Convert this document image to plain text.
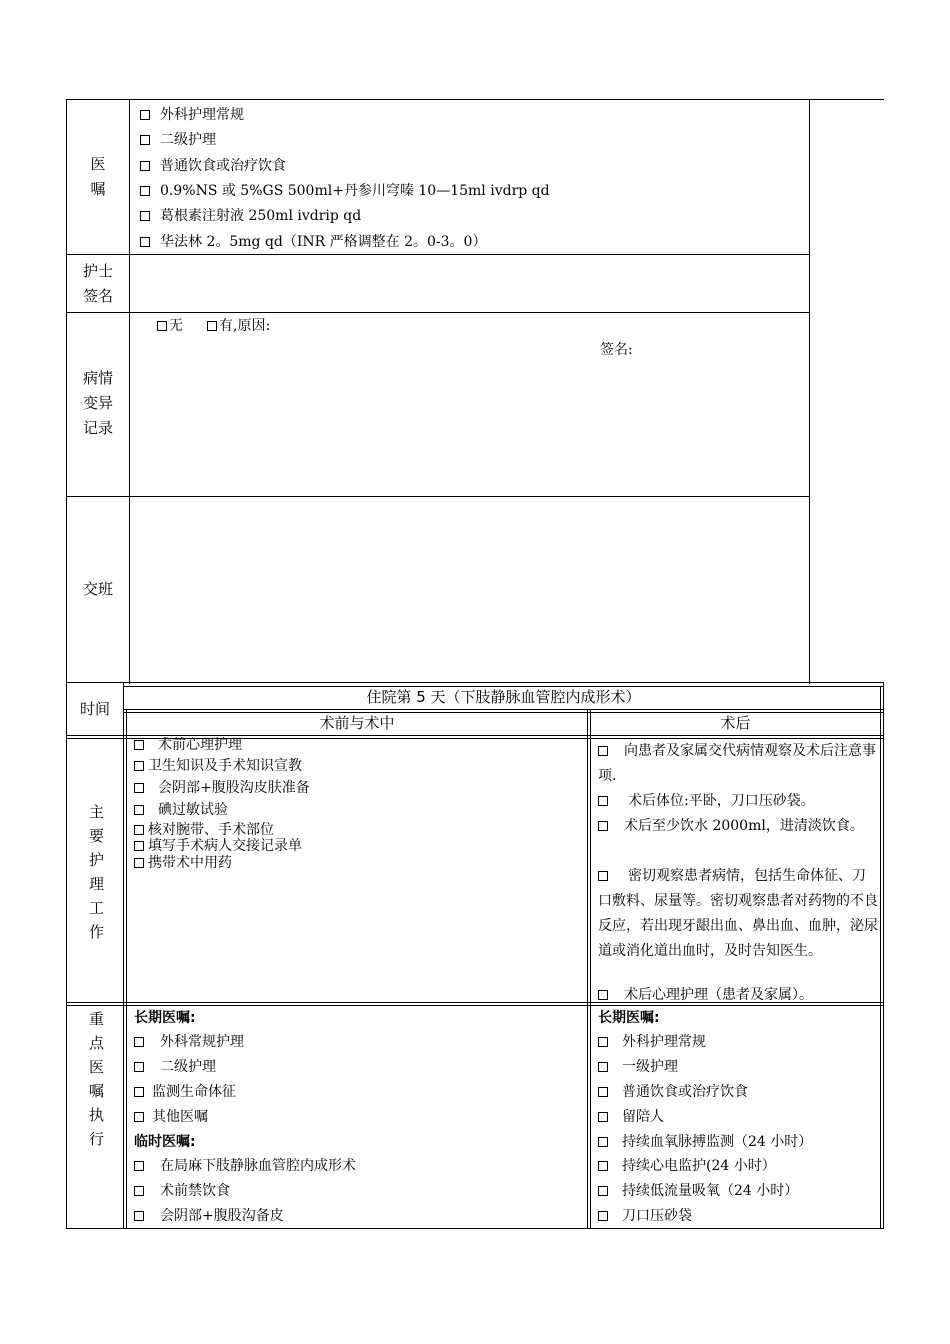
医
嘱
外科护理常规
二级护理
普通饮食或治疗饮食
0.9%NS 或 5%GS 500ml+丹参川穹嗪 10—15ml ivdrp qd
葛根素注射液 250ml ivdrip qd
华法林 2。5mg qd（INR 严格调整在 2。0-3。0）
护士
签名
病情
变异
记录
无	有,原因:
签名:
交班
时间
住院第 5 天（下肢静脉血管腔内成形术）
术前与术中	术后
主要护理工作
术前心理护理
卫生知识及手术知识宣教
会阴部+腹股沟皮肤准备
碘过敏试验
核对腕带、手术部位
填写手术病人交接记录单
携带术中用药
向患者及家属交代病情观察及术后注意事项.
术后体位:平卧，刀口压砂袋。
术后至少饮水 2000ml，进清淡饮食。
密切观察患者病情，包括生命体征、刀口敷料、尿量等。密切观察患者对药物的不良反应，若出现牙龈出血、鼻出血、血肿，泌尿道或消化道出血时，及时告知医生。
术后心理护理（患者及家属）。
重点医嘱执行 长期医嘱:
外科常规护理
二级护理
监测生命体征
其他医嘱
临时医嘱:
在局麻下肢静脉血管腔内成形术
术前禁饮食
会阴部+腹股沟备皮
长期医嘱:
外科护理常规
一级护理
普通饮食或治疗饮食
留陪人
持续血氧脉搏监测（24 小时）
持续心电监护(24 小时）
持续低流量吸氧（24 小时）
刀口压砂袋
